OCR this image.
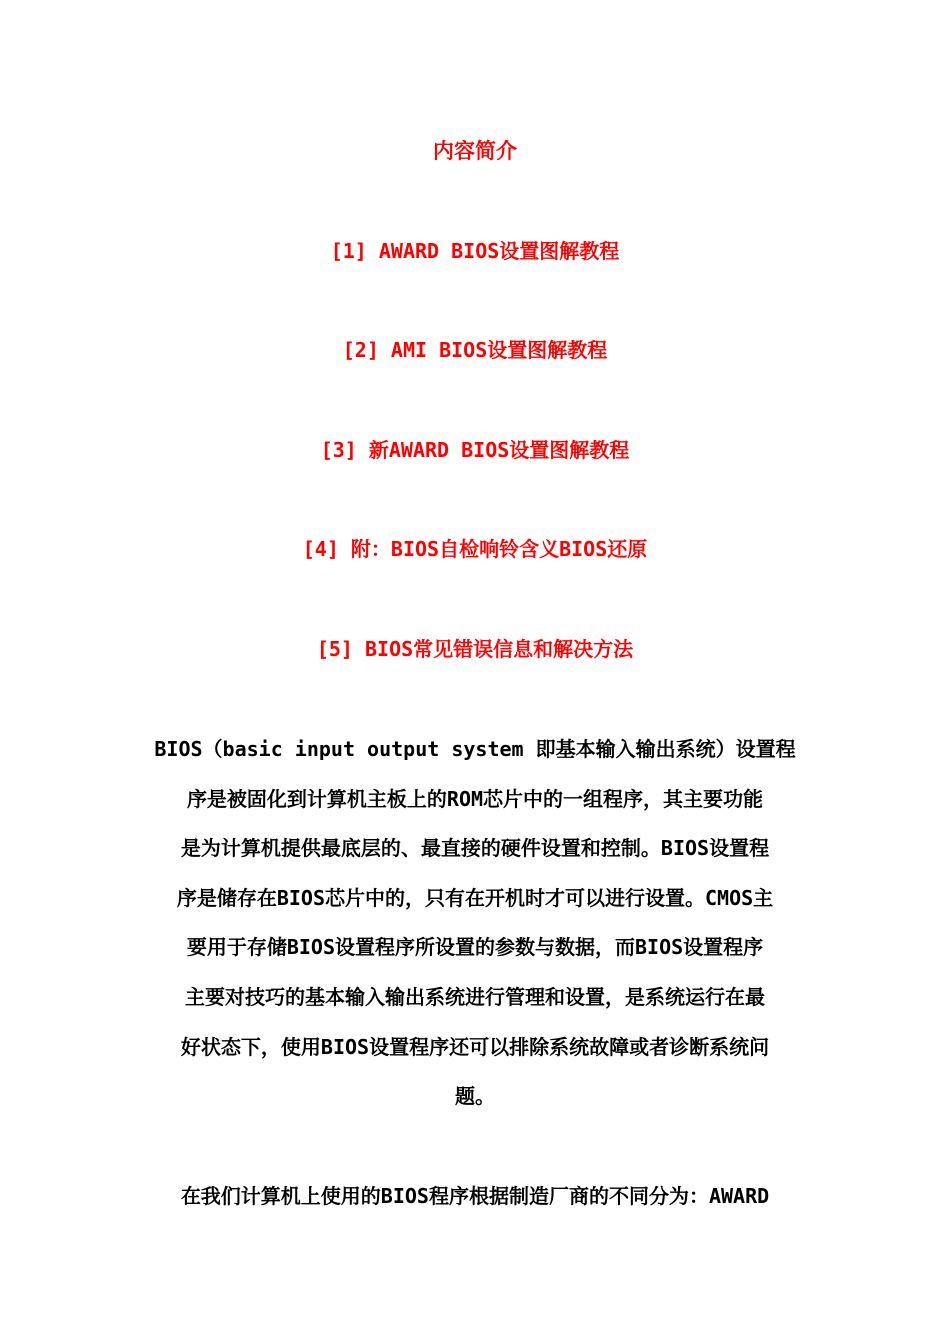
内容简介
[1] AWARD BIOS设置图解教程
[2] AMI BIOS设置图解教程
[3] 新AWARD BIOS设置图解教程
[4] 附：BIOS自检响铃含义BIOS还原
[5] BIOS常见错误信息和解决方法
BIOS（basic input output system 即基本输入输出系统）设置程
序是被固化到计算机主板上的ROM芯片中的一组程序，其主要功能
是为计算机提供最底层的、最直接的硬件设置和控制。BIOS设置程
序是储存在BIOS芯片中的，只有在开机时才可以进行设置。CMOS主
要用于存储BIOS设置程序所设置的参数与数据，而BIOS设置程序
主要对技巧的基本输入输出系统进行管理和设置，是系统运行在最
好状态下，使用BIOS设置程序还可以排除系统故障或者诊断系统问
题。
在我们计算机上使用的BIOS程序根据制造厂商的不同分为：AWARD
